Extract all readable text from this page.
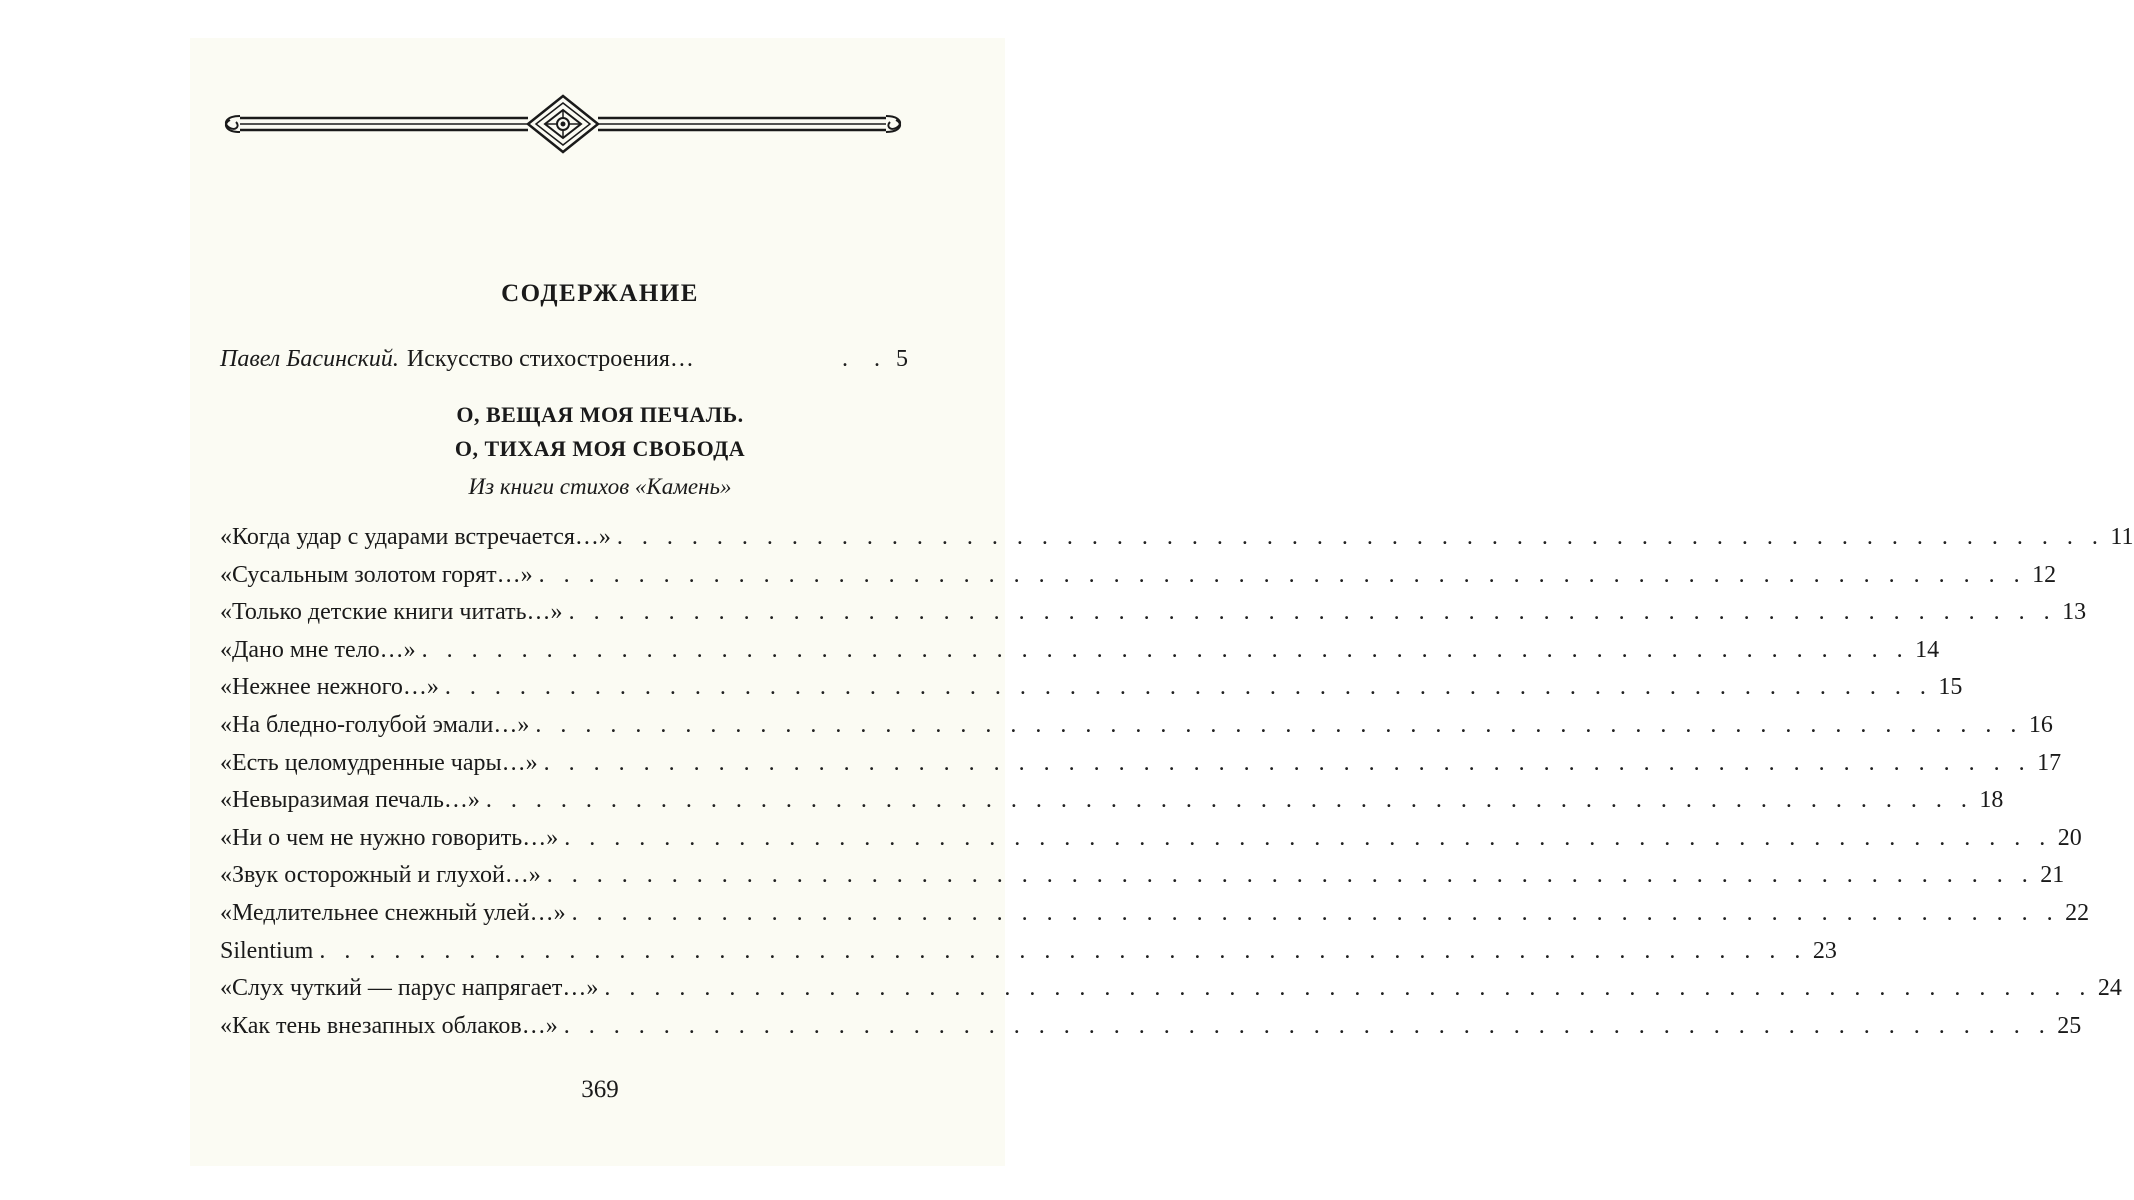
СОДЕРЖАНИЕ
Павел Басинский. Искусство стихостроения…	. . 5
О, ВЕЩАЯ МОЯ ПЕЧАЛЬ.
О, ТИХАЯ МОЯ СВОБОДА
Из книги стихов «Камень»
«Когда удар с ударами встречается…» . . . . . . . . . . . . . . . . . . . . . . . . . . . . . . . . . . . . . . . . . . . . . . . . . . . . . . . . . . . . 11
«Сусальным золотом горят…» . . . . . . . . . . . . . . . . . . . . . . . . . . . . . . . . . . . . . . . . . . . . . . . . . . . . . . . . . . . . 12
«Только детские книги читать…» . . . . . . . . . . . . . . . . . . . . . . . . . . . . . . . . . . . . . . . . . . . . . . . . . . . . . . . . . . . . 13
«Дано мне тело…» . . . . . . . . . . . . . . . . . . . . . . . . . . . . . . . . . . . . . . . . . . . . . . . . . . . . . . . . . . . . 14
«Нежнее нежного…» . . . . . . . . . . . . . . . . . . . . . . . . . . . . . . . . . . . . . . . . . . . . . . . . . . . . . . . . . . . . 15
«На бледно-голубой эмали…» . . . . . . . . . . . . . . . . . . . . . . . . . . . . . . . . . . . . . . . . . . . . . . . . . . . . . . . . . . . . 16
«Есть целомудренные чары…» . . . . . . . . . . . . . . . . . . . . . . . . . . . . . . . . . . . . . . . . . . . . . . . . . . . . . . . . . . . . 17
«Невыразимая печаль…» . . . . . . . . . . . . . . . . . . . . . . . . . . . . . . . . . . . . . . . . . . . . . . . . . . . . . . . . . . . . 18
«Ни о чем не нужно говорить…» . . . . . . . . . . . . . . . . . . . . . . . . . . . . . . . . . . . . . . . . . . . . . . . . . . . . . . . . . . . . 20
«Звук осторожный и глухой…» . . . . . . . . . . . . . . . . . . . . . . . . . . . . . . . . . . . . . . . . . . . . . . . . . . . . . . . . . . . . 21
«Медлительнее снежный улей…» . . . . . . . . . . . . . . . . . . . . . . . . . . . . . . . . . . . . . . . . . . . . . . . . . . . . . . . . . . . . 22
Silentium . . . . . . . . . . . . . . . . . . . . . . . . . . . . . . . . . . . . . . . . . . . . . . . . . . . . . . . . . . . . 23
«Слух чуткий — парус напрягает…» . . . . . . . . . . . . . . . . . . . . . . . . . . . . . . . . . . . . . . . . . . . . . . . . . . . . . . . . . . . . 24
«Как тень внезапных облаков…» . . . . . . . . . . . . . . . . . . . . . . . . . . . . . . . . . . . . . . . . . . . . . . . . . . . . . . . . . . . . 25
369
